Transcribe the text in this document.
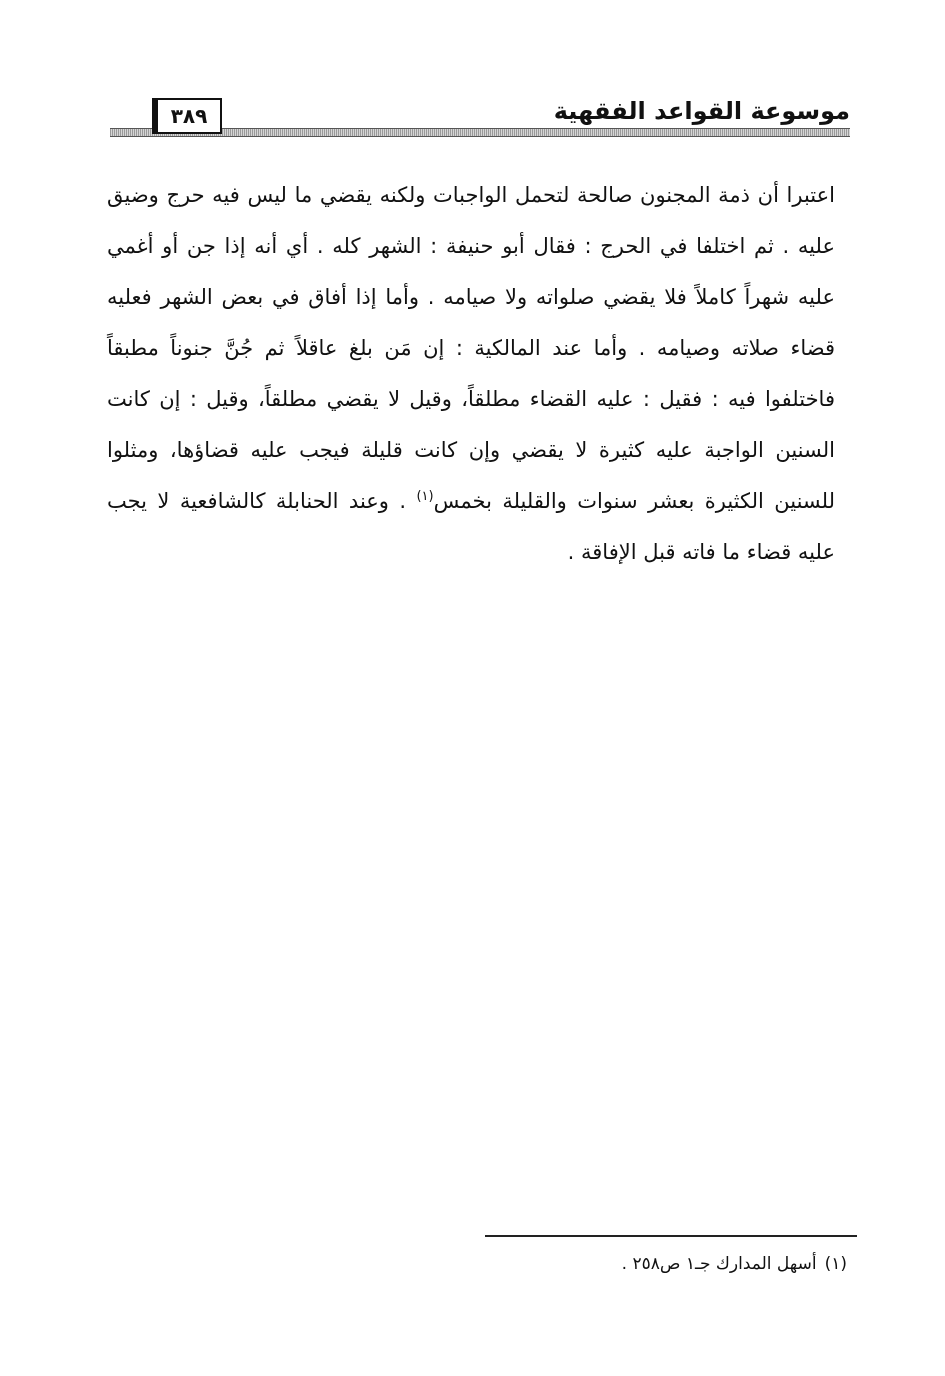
٣٨٩	موسوعة القواعد الفقهية
اعتبرا أن ذمة المجنون صالحة لتحمل الواجبات ولكنه يقضي ما ليس فيه حرج وضيق عليه . ثم اختلفا في الحرج : فقال أبو حنيفة : الشهر كله . أي أنه إذا جن أو أغمي عليه شهراً كاملاً فلا يقضي صلواته ولا صيامه . وأما إذا أفاق في بعض الشهر فعليه قضاء صلاته وصيامه . وأما عند المالكية : إن مَن بلغ عاقلاً ثم جُنَّ جنوناً مطبقاً فاختلفوا فيه : فقيل : عليه القضاء مطلقاً، وقيل لا يقضي مطلقاً، وقيل : إن كانت السنين الواجبة عليه كثيرة لا يقضي وإن كانت قليلة فيجب عليه قضاؤها، ومثلوا للسنين الكثيرة بعشر سنوات والقليلة بخمس$^{(١)}$ . وعند الحنابلة كالشافعية لا يجب عليه قضاء ما فاته قبل الإفاقة .
(١)أسهل المدارك جـ١ ص٢٥٨ .
